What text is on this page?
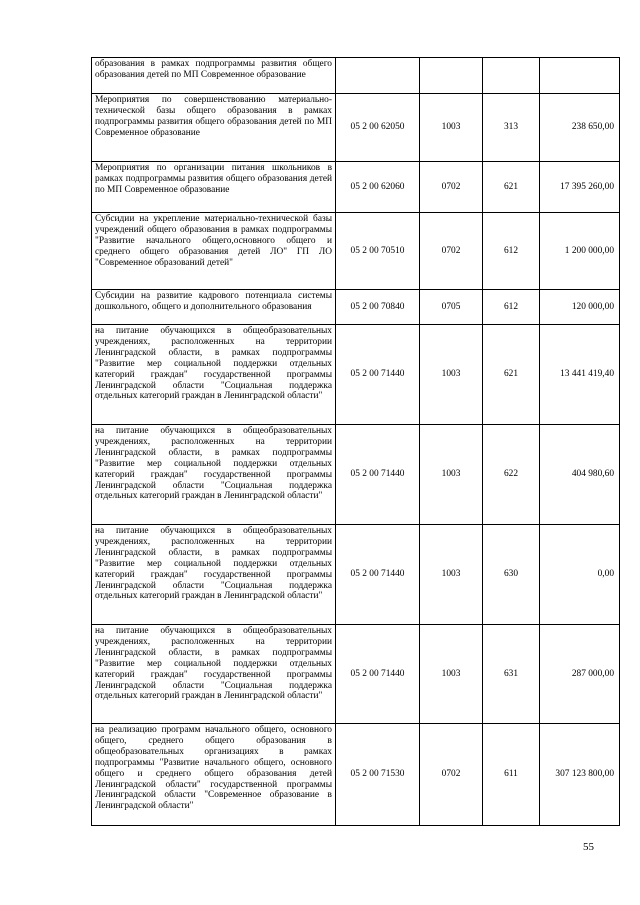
образования в рамках подпрограммы развития общего образования детей по МП Современное образование				
Мероприятия по совершенствованию материально-технической базы общего образования в рамках подпрограммы развития общего образования детей по МП Современное образование	05 2 00 62050	1003	313	238 650,00
Мероприятия по организации питания школьников в рамках подпрограммы развития общего образования детей по МП Современное образование	05 2 00 62060	0702	621	17 395 260,00
Субсидии на укрепление материально-технической базы учреждений общего образования в рамках подпрограммы "Развитие начального общего,основного общего и среднего общего образования детей ЛО" ГП ЛО "Современное образований детей"	05 2 00 70510	0702	612	1 200 000,00
Субсидии на развитие кадрового потенциала системы дошкольного, общего и дополнительного образования	05 2 00 70840	0705	612	120 000,00
на питание обучающихся в общеобразовательных учреждениях, расположенных на территории Ленинградской области, в рамках подпрограммы "Развитие мер социальной поддержки отдельных категорий граждан" государственной программы Ленинградской области "Социальная поддержка отдельных категорий граждан в Ленинградской области"	05 2 00 71440	1003	621	13 441 419,40
на питание обучающихся в общеобразовательных учреждениях, расположенных на территории Ленинградской области, в рамках подпрограммы "Развитие мер социальной поддержки отдельных категорий граждан" государственной программы Ленинградской области "Социальная поддержка отдельных категорий граждан в Ленинградской области"	05 2 00 71440	1003	622	404 980,60
на питание обучающихся в общеобразовательных учреждениях, расположенных на территории Ленинградской области, в рамках подпрограммы "Развитие мер социальной поддержки отдельных категорий граждан" государственной программы Ленинградской области "Социальная поддержка отдельных категорий граждан в Ленинградской области"	05 2 00 71440	1003	630	0,00
на питание обучающихся в общеобразовательных учреждениях, расположенных на территории Ленинградской области, в рамках подпрограммы "Развитие мер социальной поддержки отдельных категорий граждан" государственной программы Ленинградской области "Социальная поддержка отдельных категорий граждан в Ленинградской области"	05 2 00 71440	1003	631	287 000,00
на реализацию программ начального общего, основного общего, среднего общего образования в общеобразовательных организациях в рамках подпрограммы "Развитие начального общего, основного общего и среднего общего образования детей Ленинградской области" государственной программы Ленинградской области "Современное образование в Ленинградской области"	05 2 00 71530	0702	611	307 123 800,00
55
